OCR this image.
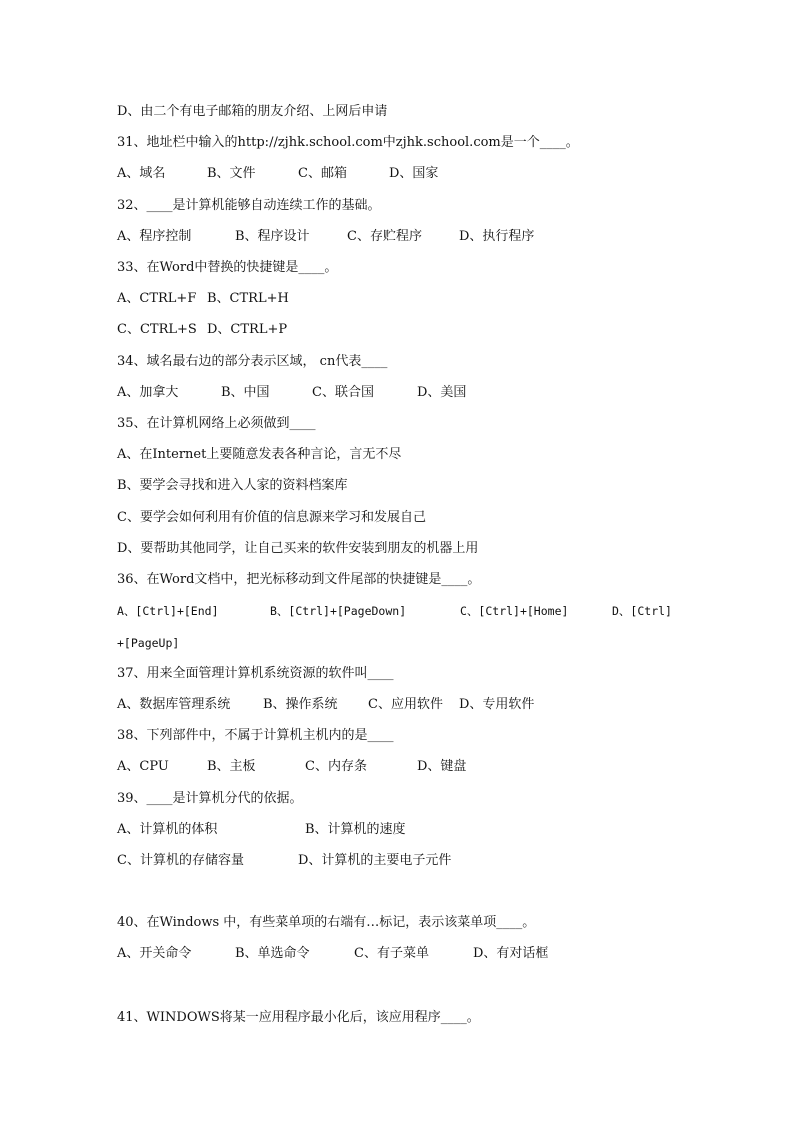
D、由二个有电子邮箱的朋友介绍、上网后申请
31、地址栏中输入的http://zjhk.school.com中zjhk.school.com是一个____。
A、域名	B、文件	C、邮箱	D、国家
32、____是计算机能够自动连续工作的基础。
A、程序控制	B、程序设计	C、存贮程序	D、执行程序
33、在Word中替换的快捷键是____。
A、CTRL+F B、CTRL+H
C、CTRL+S D、CTRL+P
34、域名最右边的部分表示区域， cn代表____
A、加拿大	B、中国	C、联合国	D、美国
35、在计算机网络上必须做到____
A、在Internet上要随意发表各种言论，言无不尽
B、要学会寻找和进入人家的资料档案库
C、要学会如何利用有价值的信息源来学习和发展自己
D、要帮助其他同学，让自己买来的软件安装到朋友的机器上用
36、在Word文档中，把光标移动到文件尾部的快捷键是____。
A、[Ctrl]+[End]	B、[Ctrl]+[PageDown]	C、[Ctrl]+[Home]	D、[Ctrl]
+[PageUp]
37、用来全面管理计算机系统资源的软件叫____
A、数据库管理系统	B、操作系统 C、应用软件 D、专用软件
38、下列部件中，不属于计算机主机内的是____
A、CPU	B、主板	C、内存条	D、键盘
39、____是计算机分代的依据。
A、计算机的体积	B、计算机的速度
C、计算机的存储容量	D、计算机的主要电子元件
40、在Windows 中，有些菜单项的右端有…标记，表示该菜单项____。
A、开关命令	B、单选命令	C、有子菜单	D、有对话框
41、WINDOWS将某一应用程序最小化后，该应用程序____。
